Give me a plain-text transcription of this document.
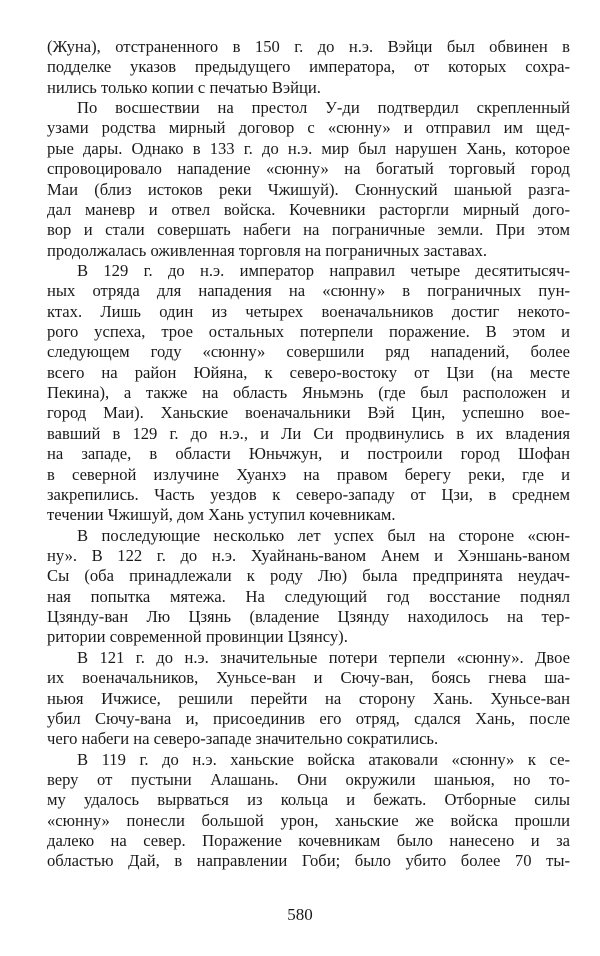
(Жуна), отстраненного в 150 г. до н.э. Вэйци был обвинен в
подделке указов предыдущего императора, от которых сохра-
нились только копии с печатью Вэйци.
По восшествии на престол У-ди подтвердил скрепленный
узами родства мирный договор с «сюнну» и отправил им щед-
рые дары. Однако в 133 г. до н.э. мир был нарушен Хань, которое
спровоцировало нападение «сюнну» на богатый торговый город
Маи (близ истоков реки Чжишуй). Сюннуский шаньюй разга-
дал маневр и отвел войска. Кочевники расторгли мирный дого-
вор и стали совершать набеги на пограничные земли. При этом
продолжалась оживленная торговля на пограничных заставах.
В 129 г. до н.э. император направил четыре десятитысяч-
ных отряда для нападения на «сюнну» в пограничных пун-
ктах. Лишь один из четырех военачальников достиг некото-
рого успеха, трое остальных потерпели поражение. В этом и
следующем году «сюнну» совершили ряд нападений, более
всего на район Юйяна, к северо-востоку от Цзи (на месте
Пекина), а также на область Яньмэнь (где был расположен и
город Маи). Ханьские военачальники Вэй Цин, успешно вое-
вавший в 129 г. до н.э., и Ли Си продвинулись в их владения
на западе, в области Юньчжун, и построили город Шофан
в северной излучине Хуанхэ на правом берегу реки, где и
закрепились. Часть уездов к северо-западу от Цзи, в среднем
течении Чжишуй, дом Хань уступил кочевникам.
В последующие несколько лет успех был на стороне «сюн-
ну». В 122 г. до н.э. Хуайнань-ваном Анем и Хэншань-ваном
Сы (оба принадлежали к роду Лю) была предпринята неудач-
ная попытка мятежа. На следующий год восстание поднял
Цзянду-ван Лю Цзянь (владение Цзянду находилось на тер-
ритории современной провинции Цзянсу).
В 121 г. до н.э. значительные потери терпели «сюнну». Двое
их военачальников, Хуньсе-ван и Сючу-ван, боясь гнева ша-
ньюя Ичжисе, решили перейти на сторону Хань. Хуньсе-ван
убил Сючу-вана и, присоединив его отряд, сдался Хань, после
чего набеги на северо-западе значительно сократились.
В 119 г. до н.э. ханьские войска атаковали «сюнну» к се-
веру от пустыни Алашань. Они окружили шаньюя, но то-
му удалось вырваться из кольца и бежать. Отборные силы
«сюнну» понесли большой урон, ханьские же войска прошли
далеко на север. Поражение кочевникам было нанесено и за
областью Дай, в направлении Гоби; было убито более 70 ты-
580
